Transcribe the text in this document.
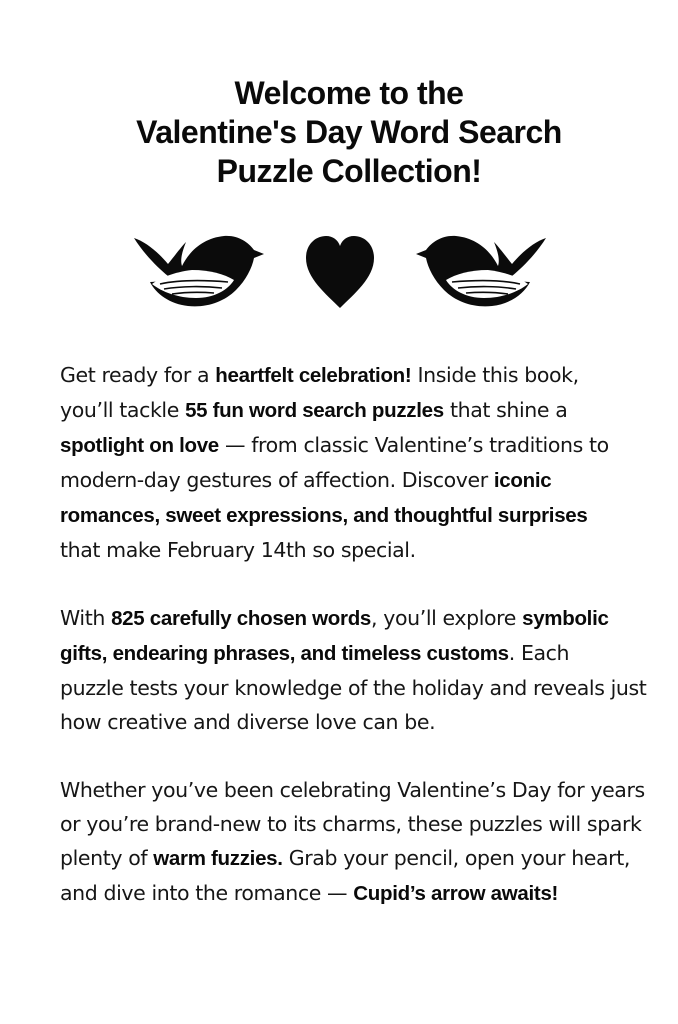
Welcome to the
Valentine's Day Word Search
Puzzle Collection!
Get ready for a heartfelt celebration! Inside this book,
you’ll tackle 55 fun word search puzzles that shine a
spotlight on love — from classic Valentine’s traditions to
modern-day gestures of affection. Discover iconic
romances, sweet expressions, and thoughtful surprises
that make February 14th so special.
With 825 carefully chosen words, you’ll explore symbolic
gifts, endearing phrases, and timeless customs. Each
puzzle tests your knowledge of the holiday and reveals just
how creative and diverse love can be.
Whether you’ve been celebrating Valentine’s Day for years
or you’re brand-new to its charms, these puzzles will spark
plenty of warm fuzzies. Grab your pencil, open your heart,
and dive into the romance — Cupid’s arrow awaits!
